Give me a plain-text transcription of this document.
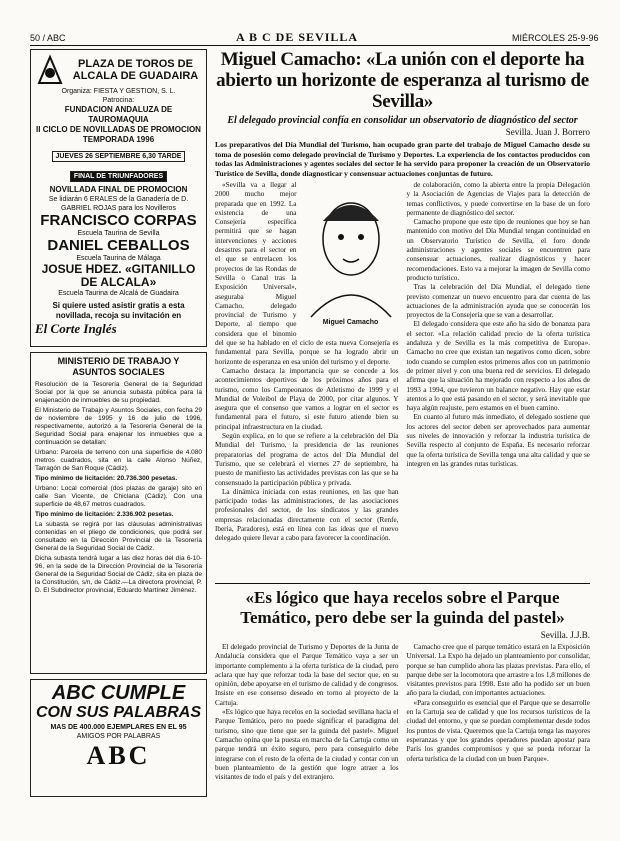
50 / ABC	A B C DE SEVILLA	MIÉRCOLES 25-9-96
PLAZA DE TOROS DE ALCALA DE GUADAIRA
Organiza: FIESTA Y GESTION, S. L.
Patrocina:
FUNDACION ANDALUZA DE TAUROMAQUIA
II CICLO DE NOVILLADAS DE PROMOCION TEMPORADA 1996
JUEVES 26 SEPTIEMBRE 6,30 TARDE FINAL DE TRIUNFADORES
NOVILLADA FINAL DE PROMOCION
Se lidiarán 6 ERALES de la Ganadería de D. GABRIEL ROJAS para los Novilleros
FRANCISCO CORPAS
Escuela Taurina de Sevilla
DANIEL CEBALLOS
Escuela Taurina de Málaga
JOSUE HDEZ. «GITANILLO DE ALCALA»
Escuela Taurina de Alcalá de Guadaira
Si quiere usted asistir gratis a esta novillada, recoja su invitación en
El Corte Inglés
MINISTERIO DE TRABAJO Y ASUNTOS SOCIALES

Resolución de la Tesorería General de la Seguridad Social por la que se anuncia subasta pública para la enajenación de inmuebles de su propiedad.

El Ministerio de Trabajo y Asuntos Sociales, con fecha 29 de noviembre de 1995 y 16 de julio de 1996, respectivamente, autorizó a la Tesorería General de la Seguridad Social para enajenar los inmuebles que a continuación se detallan:

Urbano: Parcela de terreno con una superficie de 4.080 metros cuadrados, sita en la calle Alonso Núñez, Tarragón de San Roque (Cádiz).

Tipo mínimo de licitación: 20.736.300 pesetas.

Urbano: Local comercial (dos plazas de garaje) sito en calle San Vicente, de Chiclana (Cádiz). Con una superficie de 48,67 metros cuadrados.

Tipo mínimo de licitación: 2.336.902 pesetas.

La subasta se regirá por las cláusulas administrativas contenidas en el pliego de condiciones, que podrá ser consultado en la Dirección Provincial de la Tesorería General de la Seguridad Social de Cádiz.

Dicha subasta tendrá lugar a las diez horas del día 6-10-96, en la sede de la Dirección Provincial de la Tesorería General de la Seguridad Social de Cádiz, sita en plaza de la Constitución, s/n, de Cádiz.—La directora provincial, P. D. El Subdirector provincial, Eduardo Martínez Jiménez.

ABC CUMPLE
CON SUS PALABRAS
MAS DE 400.000 EJEMPLARES EN EL 95
AMIGOS POR PALABRAS
ABC
Miguel Camacho: «La unión con el deporte ha abierto un horizonte de esperanza al turismo de Sevilla»
El delegado provincial confía en consolidar un observatorio de diagnóstico del sector
Sevilla. Juan J. Borrero
Los preparativos del Día Mundial del Turismo, han ocupado gran parte del trabajo de Miguel Camacho desde su toma de posesión como delegado provincial de Turismo y Deportes. La experiencia de los contactos producidos con todas las Administraciones y agentes sociales del sector le ha servido para proponer la creación de un Observatorio Turístico de Sevilla, donde diagnosticar y consensuar actuaciones conjuntas de futuro.
Miguel Camacho

«Sevilla va a llegar al 2000 mucho mejor preparada que en 1992. La existencia de una Consejería específica permitirá que se hagan intervenciones y acciones desastres para el sector en el que se entrelacen los proyectos de las Rondas de Sevilla o Canal tras la Exposición Universal», aseguraba Miguel Camacho, delegado provincial de Turismo y Deporte, al tiempo que considera que el binomio del que se ha hablado en el ciclo de esta nueva Consejería es fundamental para Sevilla, porque se ha logrado abrir un horizonte de esperanza en esa unión del turismo y el deporte.

Camacho destaca la importancia que se concede a los acontecimientos deportivos de los próximos años para el turismo, como los Campeonatos de Atletismo de 1999 y el Mundial de Voleibol de Playa de 2000, por citar algunos. Y asegura que el consenso que vamos a lograr en el sector es fundamental para el futuro, si este futuro atiende bien su principal infraestructura en la ciudad.

Según explica, en lo que se refiere a la celebración del Día Mundial del Turismo, la presidencia de las reuniones preparatorias del programa de actos del Día Mundial del Turismo, que se celebrará el viernes 27 de septiembre, ha puesto de manifiesto las actividades previstas con las que se ha consensuado la participación pública y privada.

La dinámica iniciada con estas reuniones, en las que han participado todas las administraciones, de las asociaciones profesionales del sector, de los sindicatos y las grandes empresas relacionadas directamente con el sector (Renfe, Iberia, Paradores), está en línea con las ideas que el nuevo delegado quiere llevar a cabo para favorecer la coordinación.

de colaboración, como la abierta entre la propia Delegación y la Asociación de Agencias de Viajes para la detección de temas conflictivos, y puede convertirse en la base de un foro permanente de diagnóstico del sector.

Camacho propone que este tipo de reuniones que hoy se han mantenido con motivo del Día Mundial tengan continuidad en un Observatorio Turístico de Sevilla, el foro donde administraciones y agentes sociales se encuentren para consensuar actuaciones, realizar diagnósticos y hacer recomendaciones. Esto va a mejorar la imagen de Sevilla como producto turístico.

Tras la celebración del Día Mundial, el delegado tiene previsto comenzar un nuevo encuentro para dar cuenta de las actuaciones de la administración ayuda que se conocerán los proyectos de la Consejería que se van a desarrollar.

El delegado considera que este año ha sido de bonanza para el sector. «La relación calidad precio de la oferta turística andaluza y de Sevilla es la más competitiva de Europa». Camacho no cree que existan tan negativos como dicen, sobre todo cuando se cumplen estos primeros años con un patrimonio de primer nivel y con una buena red de servicios. El delegado afirma que la situación ha mejorado con respecto a los años de 1993 a 1994, que tuvieron un balance negativo. Hay que estar atentos a lo que está pasando en el sector, y será inevitable que haya algún reajuste, pero estamos en el buen camino.

En cuanto al futuro más inmediato, el delegado sostiene que los actores del sector deben ser aprovechados para aumentar sus niveles de innovación y reforzar la industria turística de Sevilla respecto al conjunto de España. Es necesario reforzar que la oferta turística de Sevilla tenga una alta calidad y que se integren en las grandes rutas turísticas.

«Es lógico que haya recelos sobre el Parque Temático, pero debe ser la guinda del pastel»
Sevilla. J.J.B.

El delegado provincial de Turismo y Deportes de la Junta de Andalucía considera que el Parque Temático vaya a ser un importante complemento a la oferta turística de la ciudad, pero aclara que hay que reforzar toda la base del sector que, en su opinión, debe apoyarse en el turismo de calidad y de congresos. Insiste en ese consenso deseado en torno al proyecto de la Cartuja.

«Es lógico que haya recelos en la sociedad sevillana hacia el Parque Temático, pero no puede significar el paradigma del turismo, sino que tiene que ser la guinda del pastel». Miguel Camacho opina que la puesta en marcha de la Cartuja como un parque tendrá un éxito seguro, pero para conseguirlo debe integrarse con el resto de la oferta de la ciudad y contar con un buen planteamiento de la gestión que logre atraer a los visitantes de todo el país y del extranjero.

Camacho cree que el parque temático estará en la Exposición Universal. La Expo ha dejado un planteamiento por consolidar, porque se han cumplido ahora las plazas previstas. Para ello, el parque debe ser la locomotora que arrastre a los 1,8 millones de visitantes previstos para 1998. Este año ha podido ser un buen año para la ciudad, con importantes actuaciones.

«Para conseguirlo es esencial que el Parque que se desarrolle en la Cartuja sea de calidad y que los recursos turísticos de la ciudad del entorno, y que se puedan complementar desde todos los puntos de vista. Queremos que la Cartuja tenga las mayores esperanzas y que los grandes operadores puedan apostar para París los grandes compromisos y que se pueda reforzar la oferta turística de la ciudad con un buen Parque».
